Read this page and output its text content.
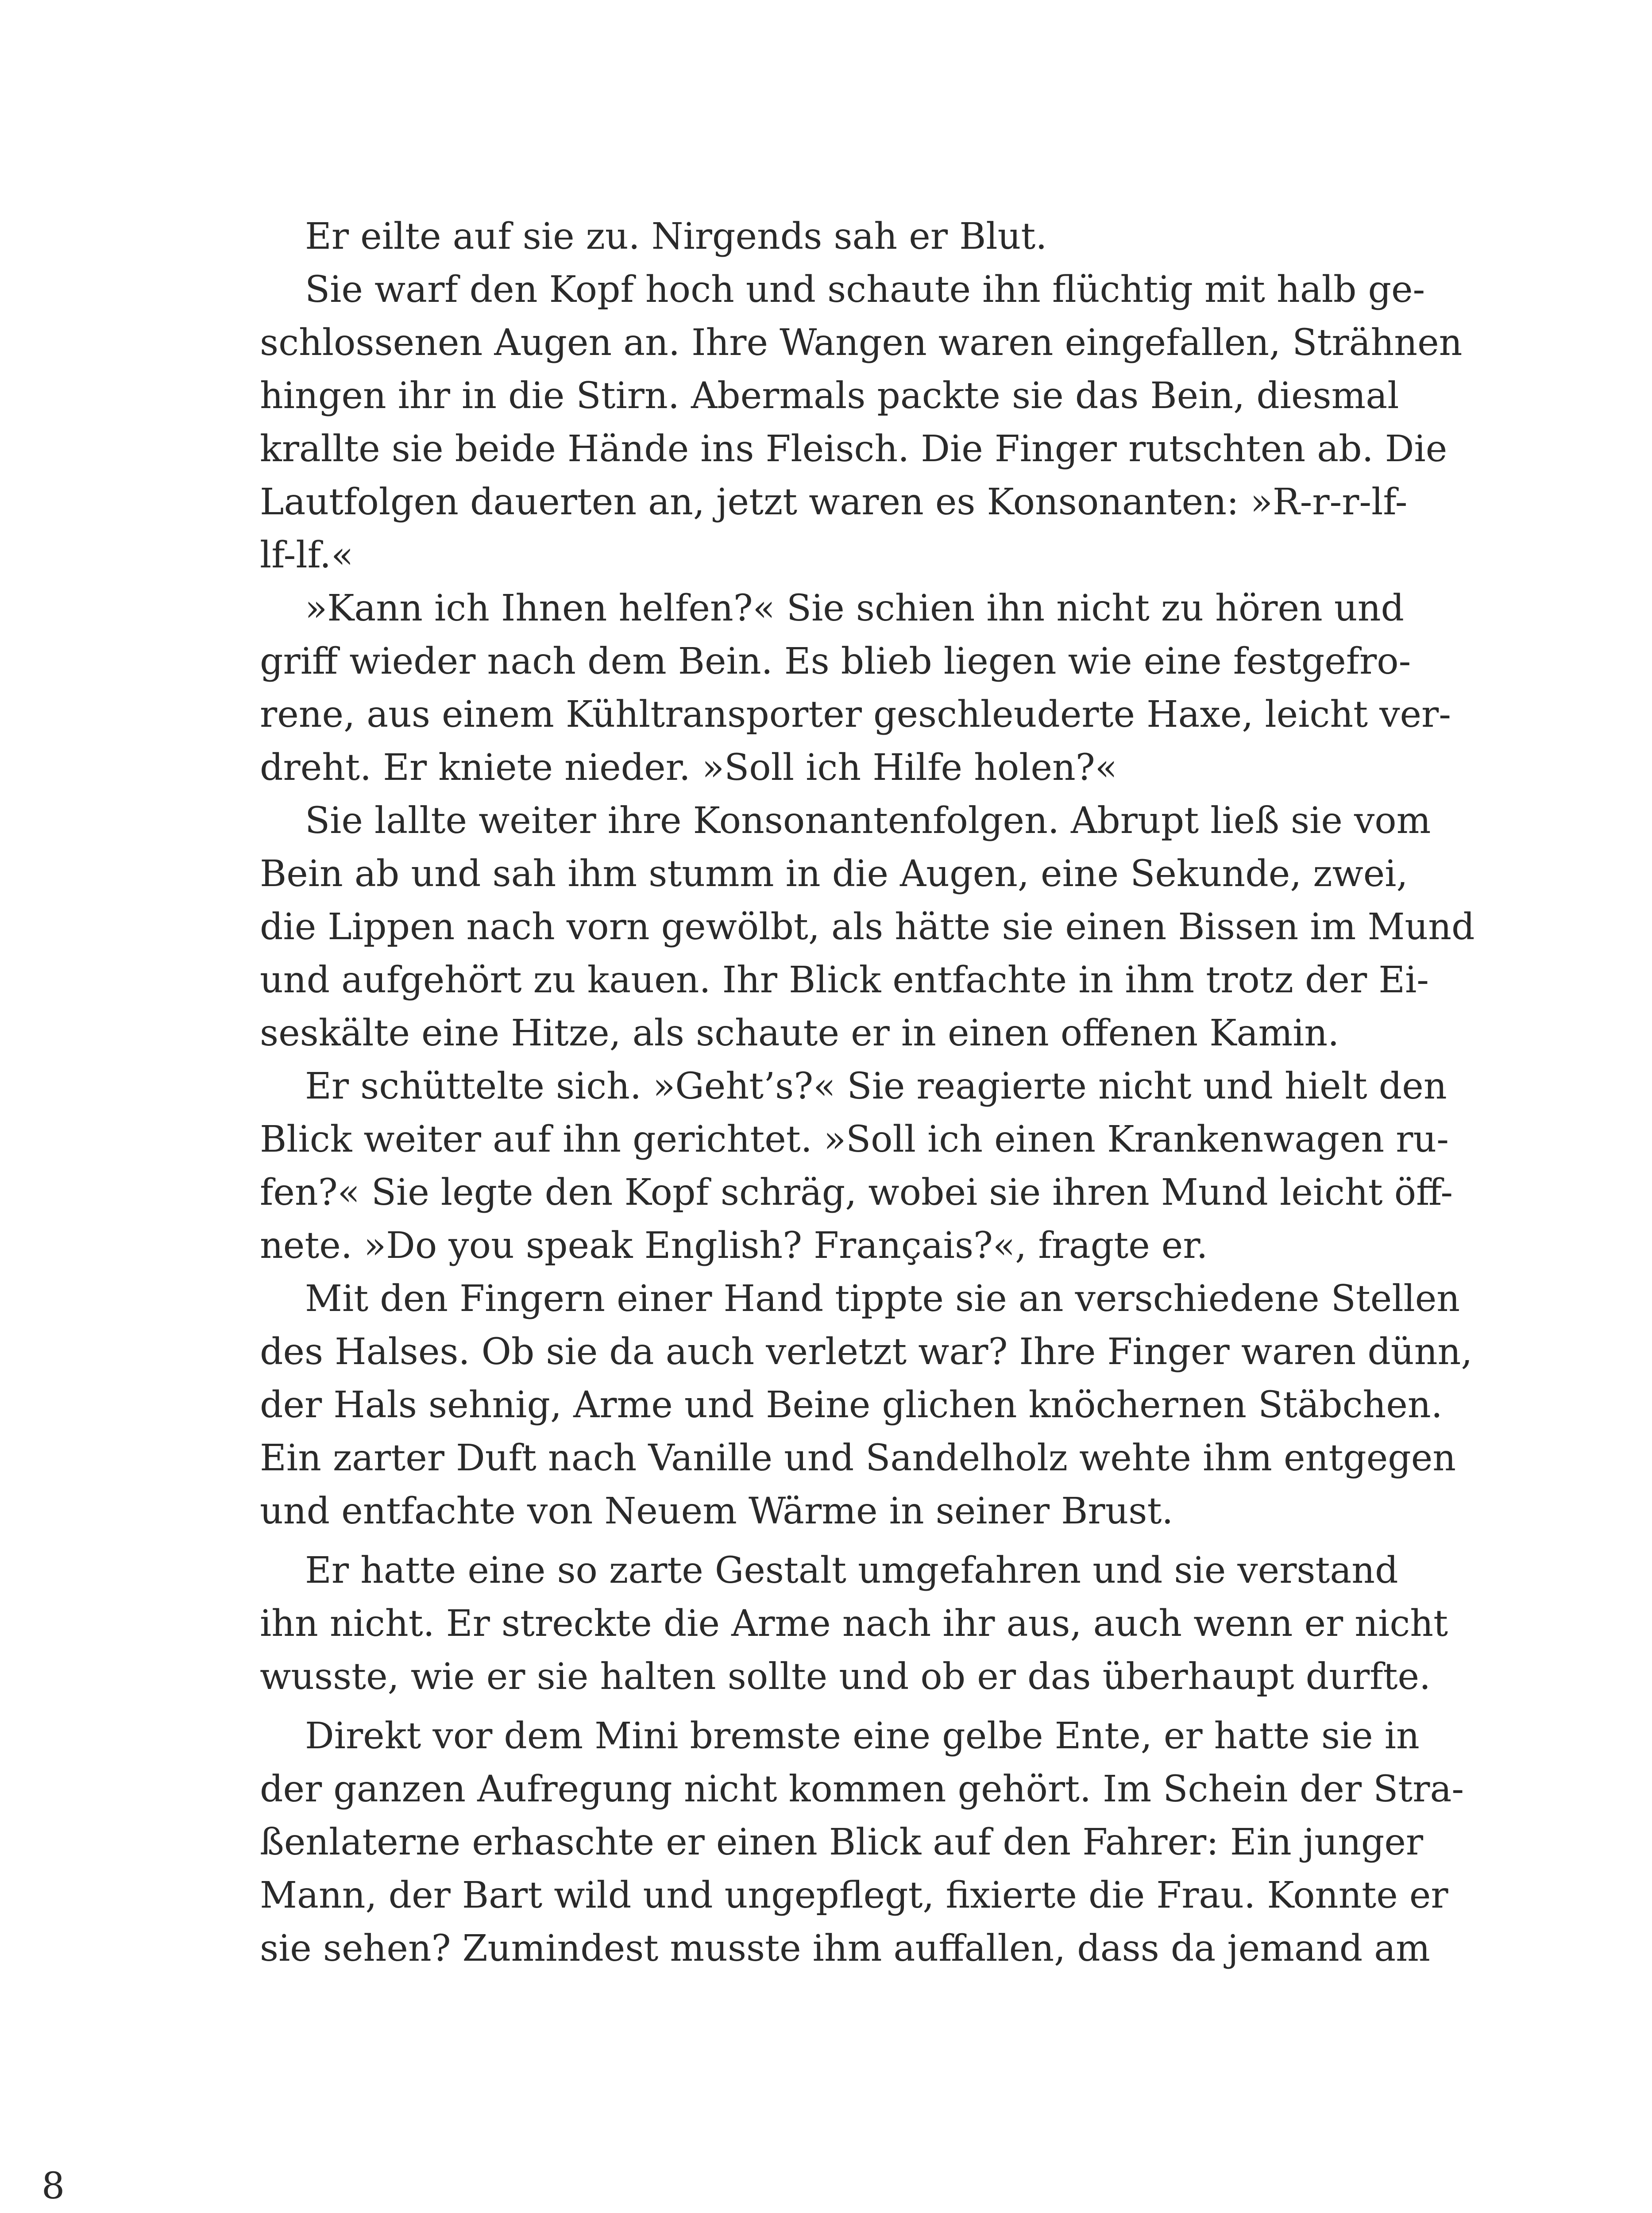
Er eilte auf sie zu. Nirgends sah er Blut.
Sie warf den Kopf hoch und schaute ihn flüchtig mit halb ge-
schlossenen Augen an. Ihre Wangen waren eingefallen, Strähnen
hingen ihr in die Stirn. Abermals packte sie das Bein, diesmal
krallte sie beide Hände ins Fleisch. Die Finger rutschten ab. Die
Lautfolgen dauerten an, jetzt waren es Konsonanten: »R-r-r-lf-
lf-lf.«
»Kann ich Ihnen helfen?« Sie schien ihn nicht zu hören und
griff wieder nach dem Bein. Es blieb liegen wie eine festgefro-
rene, aus einem Kühltransporter geschleuderte Haxe, leicht ver-
dreht. Er kniete nieder. »Soll ich Hilfe holen?«
Sie lallte weiter ihre Konsonantenfolgen. Abrupt ließ sie vom
Bein ab und sah ihm stumm in die Augen, eine Sekunde, zwei,
die Lippen nach vorn gewölbt, als hätte sie einen Bissen im Mund
und aufgehört zu kauen. Ihr Blick entfachte in ihm trotz der Ei-
seskälte eine Hitze, als schaute er in einen offenen Kamin.
Er schüttelte sich. »Geht’s?« Sie reagierte nicht und hielt den
Blick weiter auf ihn gerichtet. »Soll ich einen Krankenwagen ru-
fen?« Sie legte den Kopf schräg, wobei sie ihren Mund leicht öff-
nete. »Do you speak English? Français?«, fragte er.
Mit den Fingern einer Hand tippte sie an verschiedene Stellen
des Halses. Ob sie da auch verletzt war? Ihre Finger waren dünn,
der Hals sehnig, Arme und Beine glichen knöchernen Stäbchen.
Ein zarter Duft nach Vanille und Sandelholz wehte ihm entgegen
und entfachte von Neuem Wärme in seiner Brust.
Er hatte eine so zarte Gestalt umgefahren und sie verstand
ihn nicht. Er streckte die Arme nach ihr aus, auch wenn er nicht
wusste, wie er sie halten sollte und ob er das überhaupt durfte.
Direkt vor dem Mini bremste eine gelbe Ente, er hatte sie in
der ganzen Aufregung nicht kommen gehört. Im Schein der Stra-
ßenlaterne erhaschte er einen Blick auf den Fahrer: Ein junger
Mann, der Bart wild und ungepflegt, fixierte die Frau. Konnte er
sie sehen? Zumindest musste ihm auffallen, dass da jemand am
8
